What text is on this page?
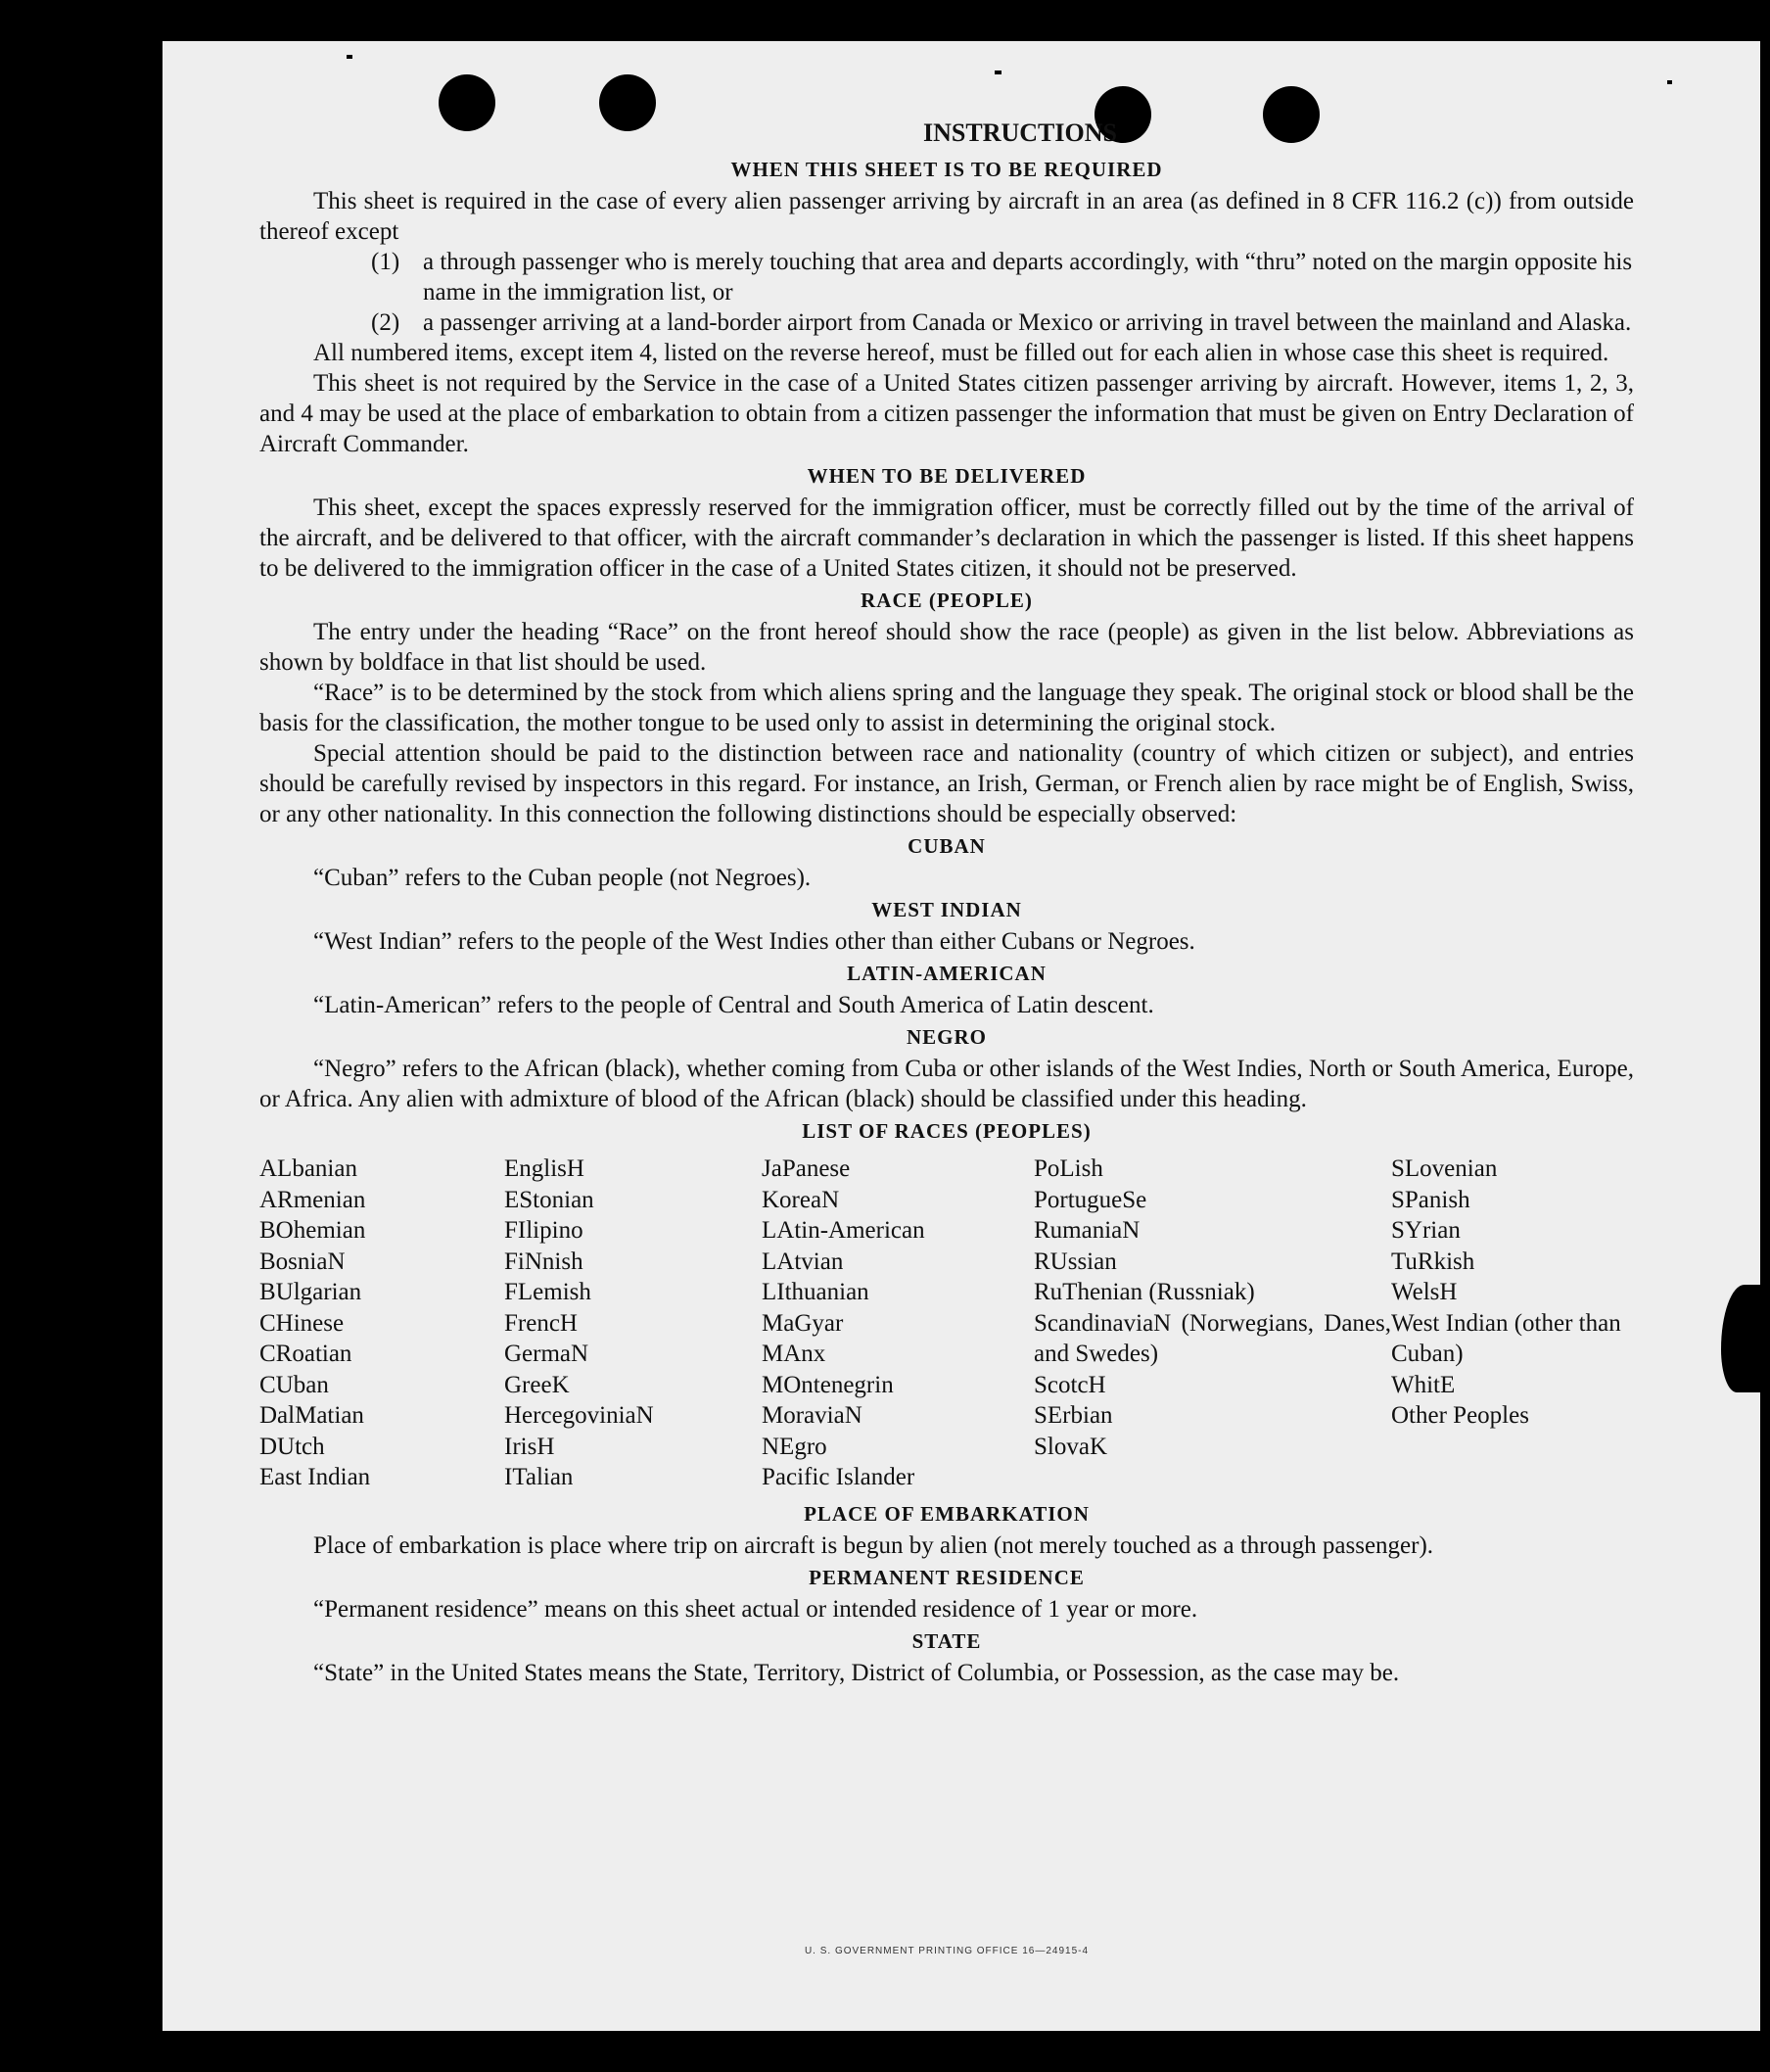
INSTRUCTIONS
WHEN THIS SHEET IS TO BE REQUIRED

This sheet is required in the case of every alien passenger arriving by aircraft in an area (as defined in 8 CFR 116.2 (c)) from outside thereof except

(1) a through passenger who is merely touching that area and departs accordingly, with “thru” noted on the margin opposite his name in the immigration list, or
(2) a passenger arriving at a land-border airport from Canada or Mexico or arriving in travel between the mainland and Alaska.

All numbered items, except item 4, listed on the reverse hereof, must be filled out for each alien in whose case this sheet is required.

This sheet is not required by the Service in the case of a United States citizen passenger arriving by aircraft. However, items 1, 2, 3, and 4 may be used at the place of embarkation to obtain from a citizen passenger the information that must be given on Entry Declaration of Aircraft Commander.

WHEN TO BE DELIVERED

This sheet, except the spaces expressly reserved for the immigration officer, must be correctly filled out by the time of the arrival of the aircraft, and be delivered to that officer, with the aircraft commander’s declaration in which the passenger is listed. If this sheet happens to be delivered to the immigration officer in the case of a United States citizen, it should not be preserved.

RACE (PEOPLE)

The entry under the heading “Race” on the front hereof should show the race (people) as given in the list below. Abbreviations as shown by boldface in that list should be used.

“Race” is to be determined by the stock from which aliens spring and the language they speak. The original stock or blood shall be the basis for the classification, the mother tongue to be used only to assist in determining the original stock.

Special attention should be paid to the distinction between race and nationality (country of which citizen or subject), and entries should be carefully revised by inspectors in this regard. For instance, an Irish, German, or French alien by race might be of English, Swiss, or any other nationality. In this connection the following distinctions should be especially observed:

CUBAN

“Cuban” refers to the Cuban people (not Negroes).

WEST INDIAN

“West Indian” refers to the people of the West Indies other than either Cubans or Negroes.

LATIN-AMERICAN

“Latin-American” refers to the people of Central and South America of Latin descent.

NEGRO

“Negro” refers to the African (black), whether coming from Cuba or other islands of the West Indies, North or South America, Europe, or Africa. Any alien with admixture of blood of the African (black) should be classified under this heading.

LIST OF RACES (PEOPLES)
ALbanian
ARmenian
BOhemian
BosniaN
BUlgarian
CHinese
CRoatian
CUban
DalMatian
DUtch
East Indian
EnglisH
EStonian
FIlipino
FiNnish
FLemish
FrencH
GermaN
GreeK
HercegovinіaN
IrisH
ITalian
JaPanese
KoreaN
LAtin-American
LAtvian
LIthuanian
MaGyar
MAnx
MOntenegrin
MoraviaN
NEgro
Pacific Islander
PoLish
PortugueSe
RumaniaN
RUssian
RuThenian (Russniak)
ScandinaviaN (Norwegians, Danes, and Swedes)
ScotcH
SErbian
SlovaK
SLovenian
SPanish
SYrian
TuRkish
WelsH
West Indian (other than Cuban)
WhitE
Other Peoples
PLACE OF EMBARKATION

Place of embarkation is place where trip on aircraft is begun by alien (not merely touched as a through passenger).

PERMANENT RESIDENCE

“Permanent residence” means on this sheet actual or intended residence of 1 year or more.

STATE

“State” in the United States means the State, Territory, District of Columbia, or Possession, as the case may be.

U. S. GOVERNMENT PRINTING OFFICE 16—24915-4
